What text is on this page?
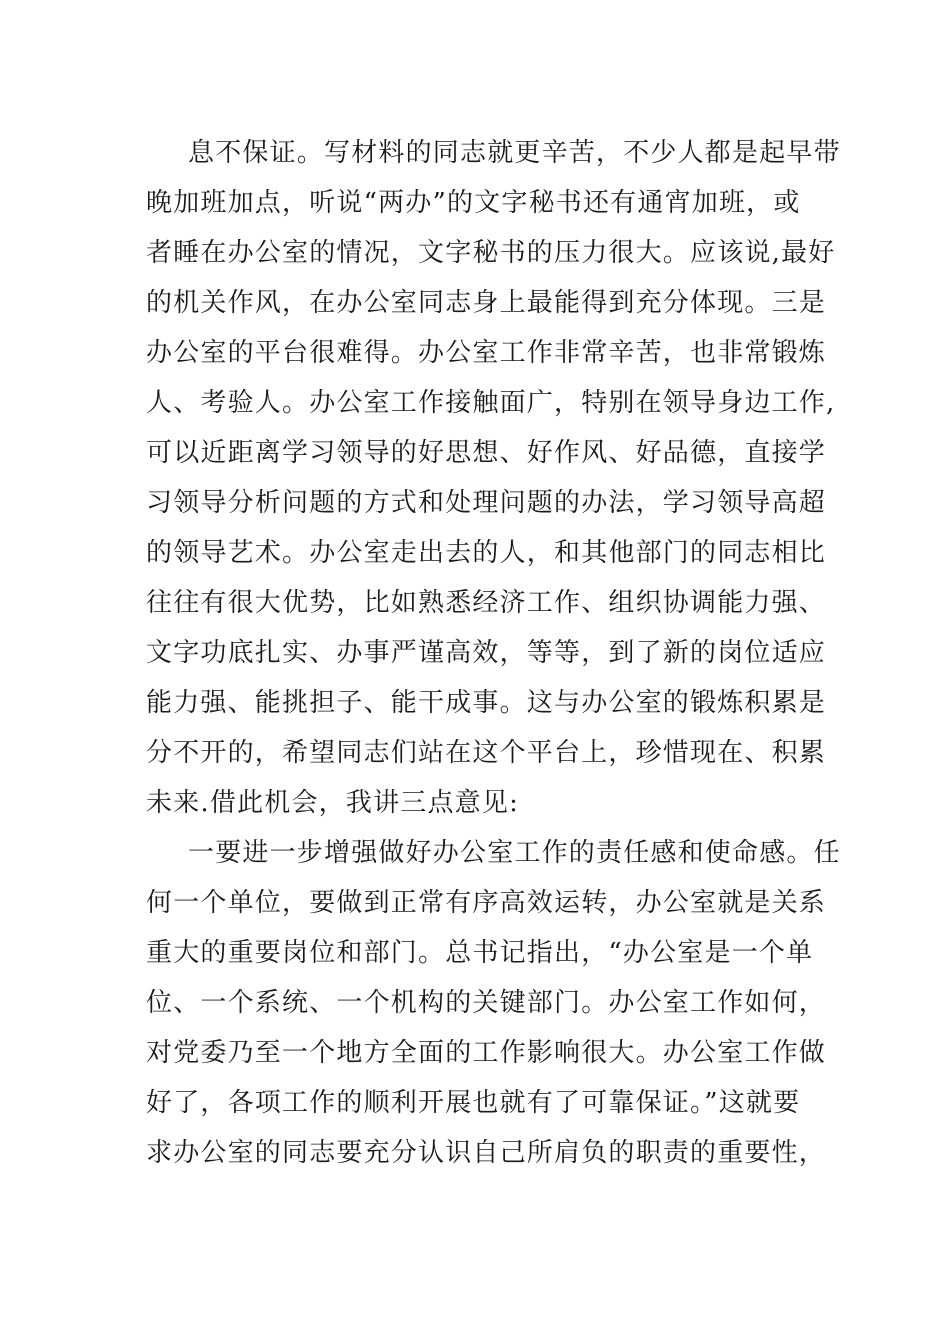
息不保证。写材料的同志就更辛苦，不少人都是起早带
晚加班加点，听说“两办”的文字秘书还有通宵加班，或
者睡在办公室的情况，文字秘书的压力很大。应该说,最好
的机关作风，在办公室同志身上最能得到充分体现。三是
办公室的平台很难得。办公室工作非常辛苦，也非常锻炼
人、考验人。办公室工作接触面广，特别在领导身边工作,
可以近距离学习领导的好思想、好作风、好品德，直接学
习领导分析问题的方式和处理问题的办法，学习领导高超
的领导艺术。办公室走出去的人，和其他部门的同志相比
往往有很大优势，比如熟悉经济工作、组织协调能力强、
文字功底扎实、办事严谨高效，等等，到了新的岗位适应
能力强、能挑担子、能干成事。这与办公室的锻炼积累是
分不开的，希望同志们站在这个平台上，珍惜现在、积累
未来.借此机会，我讲三点意见:
一要进一步增强做好办公室工作的责任感和使命感。任
何一个单位，要做到正常有序高效运转，办公室就是关系
重大的重要岗位和部门。总书记指出，“办公室是一个单
位、一个系统、一个机构的关键部门。办公室工作如何，
对党委乃至一个地方全面的工作影响很大。办公室工作做
好了，各项工作的顺利开展也就有了可靠保证。”这就要
求办公室的同志要充分认识自己所肩负的职责的重要性，
